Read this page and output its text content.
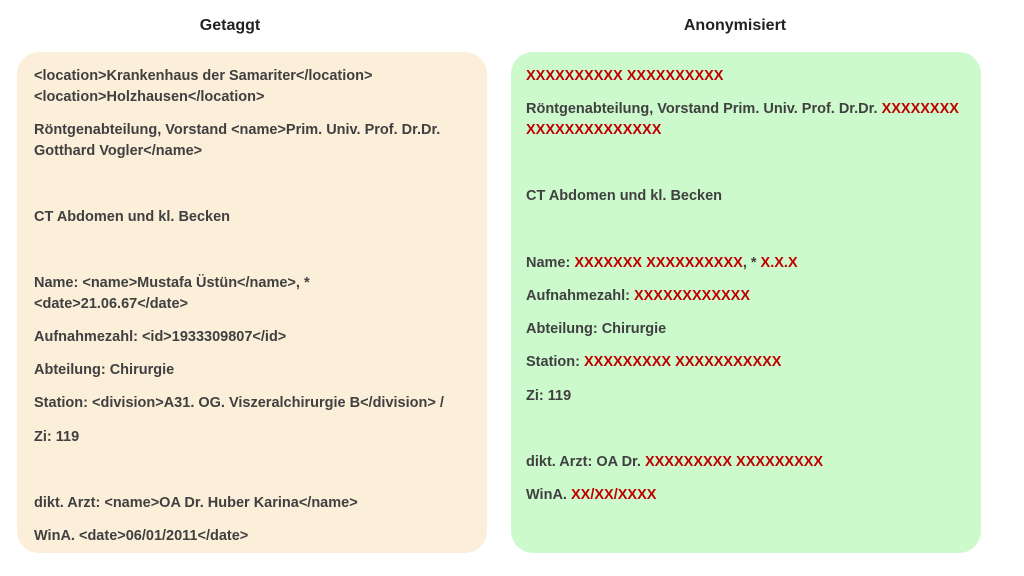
Getaggt	Anonymisiert
<location>Krankenhaus der Samariter</location>
<location>Holzhausen</location>
Röntgenabteilung, Vorstand <name>Prim. Univ. Prof. Dr.Dr.
Gotthard Vogler</name>
CT Abdomen und kl. Becken
Name: <name>Mustafa Üstün</name>, *
<date>21.06.67</date>
Aufnahmezahl: <id>1933309807</id>
Abteilung: Chirurgie
Station: <division>A31. OG. Viszeralchirurgie B</division> /
Zi: 119
dikt. Arzt: <name>OA Dr. Huber Karina</name>
WinA. <date>06/01/2011</date>
XXXXXXXXXX XXXXXXXXXX
Röntgenabteilung, Vorstand Prim. Univ. Prof. Dr.Dr. XXXXXXXX
XXXXXXXXXXXXXX
CT Abdomen und kl. Becken
Name: XXXXXXX XXXXXXXXXX, * X.X.X
Aufnahmezahl: XXXXXXXXXXXX
Abteilung: Chirurgie
Station: XXXXXXXXX XXXXXXXXXXX
Zi: 119
dikt. Arzt: OA Dr. XXXXXXXXX XXXXXXXXX
WinA. XX/XX/XXXX
